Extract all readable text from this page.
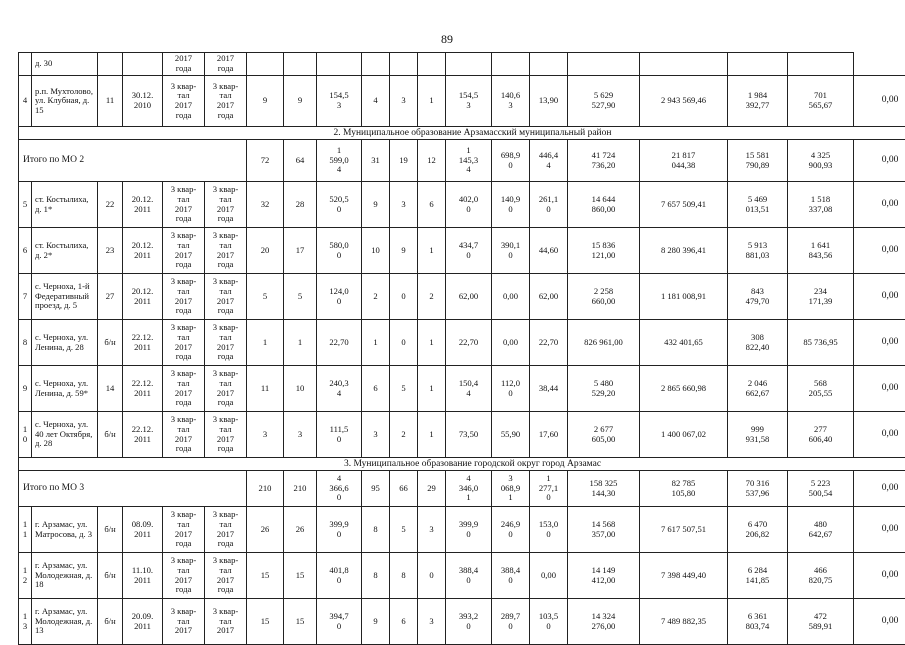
89
	д. 30			2017
года	2017
года														
4	р.п. Мухтолово, ул. Клубная, д. 15	11	30.12.
2010	3 квар-
тал
2017
года	3 квар-
тал
2017
года	9	9	154,5
3	4	3	1	154,5
3	140,6
3	13,90	5 629
527,90	2 943 569,46	1 984
392,77	701
565,67	0,00
2. Муниципальное образование Арзамасский муниципальный район																			
Итого по МО 2						72	64	1
599,0
4	31	19	12	1
145,3
4	698,9
0	446,4
4	41 724
736,20	21 817
044,38	15 581
790,89	4 325
900,93	0,00
5	ст. Костылиха, д. 1*	22	20.12.
2011	3 квар-
тал
2017
года	3 квар-
тал
2017
года	32	28	520,5
0	9	3	6	402,0
0	140,9
0	261,1
0	14 644
860,00	7 657 509,41	5 469
013,51	1 518
337,08	0,00
6	ст. Костылиха, д. 2*	23	20.12.
2011	3 квар-
тал
2017
года	3 квар-
тал
2017
года	20	17	580,0
0	10	9	1	434,7
0	390,1
0	44,60	15 836
121,00	8 280 396,41	5 913
881,03	1 641
843,56	0,00
7	с. Черноха, 1-й Федеративный проезд, д. 5	27	20.12.
2011	3 квар-
тал
2017
года	3 квар-
тал
2017
года	5	5	124,0
0	2	0	2	62,00	0,00	62,00	2 258
660,00	1 181 008,91	843
479,70	234
171,39	0,00
8	с. Черноха, ул. Ленина, д. 28	б/н	22.12.
2011	3 квар-
тал
2017
года	3 квар-
тал
2017
года	1	1	22,70	1	0	1	22,70	0,00	22,70	826 961,00	432 401,65	308
822,40	85 736,95	0,00
9	с. Черноха, ул. Ленина, д. 59*	14	22.12.
2011	3 квар-
тал
2017
года	3 квар-
тал
2017
года	11	10	240,3
4	6	5	1	150,4
4	112,0
0	38,44	5 480
529,20	2 865 660,98	2 046
662,67	568
205,55	0,00
1
0	с. Черноха, ул. 40 лет Октября, д. 28	б/н	22.12.
2011	3 квар-
тал
2017
года	3 квар-
тал
2017
года	3	3	111,5
0	3	2	1	73,50	55,90	17,60	2 677
605,00	1 400 067,02	999
931,58	277
606,40	0,00
3. Муниципальное образование городской округ город Арзамас																			
Итого по МО 3						210	210	4
366,6
0	95	66	29	4
346,0
1	3
068,9
1	1
277,1
0	158 325
144,30	82 785
105,80	70 316
537,96	5 223
500,54	0,00
1
1	г. Арзамас, ул. Матросова, д. 3	б/н	08.09.
2011	3 квар-
тал
2017
года	3 квар-
тал
2017
года	26	26	399,9
0	8	5	3	399,9
0	246,9
0	153,0
0	14 568
357,00	7 617 507,51	6 470
206,82	480
642,67	0,00
1
2	г. Арзамас, ул. Молодежная, д. 18	б/н	11.10.
2011	3 квар-
тал
2017
года	3 квар-
тал
2017
года	15	15	401,8
0	8	8	0	388,4
0	388,4
0	0,00	14 149
412,00	7 398 449,40	6 284
141,85	466
820,75	0,00
1
3	г. Арзамас, ул. Молодежная, д. 13	б/н	20.09.
2011	3 квар-
тал
2017	3 квар-
тал
2017	15	15	394,7
0	9	6	3	393,2
0	289,7
0	103,5
0	14 324
276,00	7 489 882,35	6 361
803,74	472
589,91	0,00
